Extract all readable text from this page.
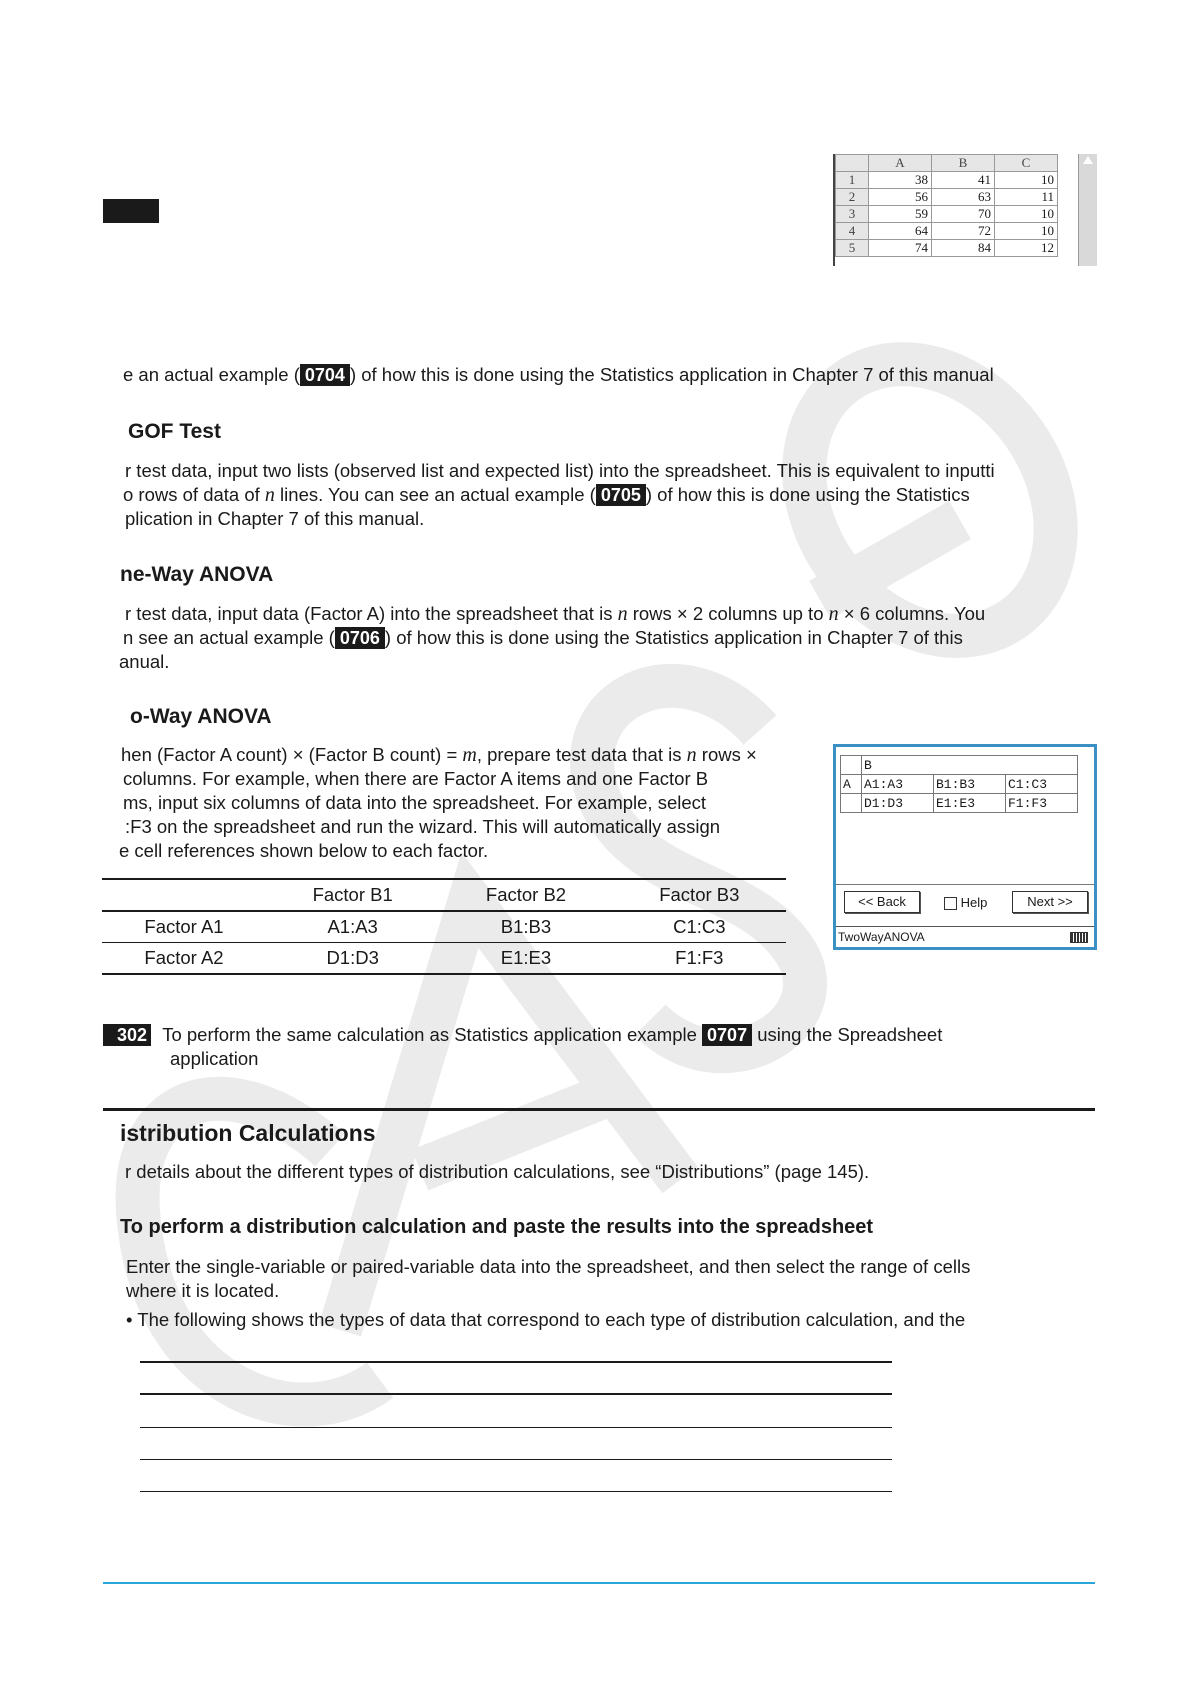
	A	B	C
1	38	41	10
2	56	63	11
3	59	70	10
4	64	72	10
5	74	84	12
e an actual example ( 0704 ) of how this is done using the Statistics application in Chapter 7 of this manual
GOF Test
r test data, input two lists (observed list and expected list) into the spreadsheet. This is equivalent to inputti
o rows of data of n lines. You can see an actual example ( 0705 ) of how this is done using the Statistics
plication in Chapter 7 of this manual.
ne-Way ANOVA
r test data, input data (Factor A) into the spreadsheet that is n rows × 2 columns up to n × 6 columns. You
n see an actual example ( 0706 ) of how this is done using the Statistics application in Chapter 7 of this
anual.
o-Way ANOVA
hen (Factor A count) × (Factor B count) = m, prepare test data that is n rows ×
columns. For example, when there are Factor A items and one Factor B
ms, input six columns of data into the spreadsheet. For example, select
:F3 on the spreadsheet and run the wizard. This will automatically assign
e cell references shown below to each factor.
	Factor B1	Factor B2	Factor B3
Factor A1	A1:A3	B1:B3	C1:C3
Factor A2	D1:D3	E1:E3	F1:F3
	B		
A	A1:A3	B1:B3	C1:C3
	D1:D3	E1:E3	F1:F3
<< Back	Help	Next >>
TwoWayANOVA
302 To perform the same calculation as Statistics application example 0707 using the Spreadsheet
application
istribution Calculations
r details about the different types of distribution calculations, see “Distributions” (page 145).
To perform a distribution calculation and paste the results into the spreadsheet
Enter the single-variable or paired-variable data into the spreadsheet, and then select the range of cells
where it is located.
• The following shows the types of data that correspond to each type of distribution calculation, and the
